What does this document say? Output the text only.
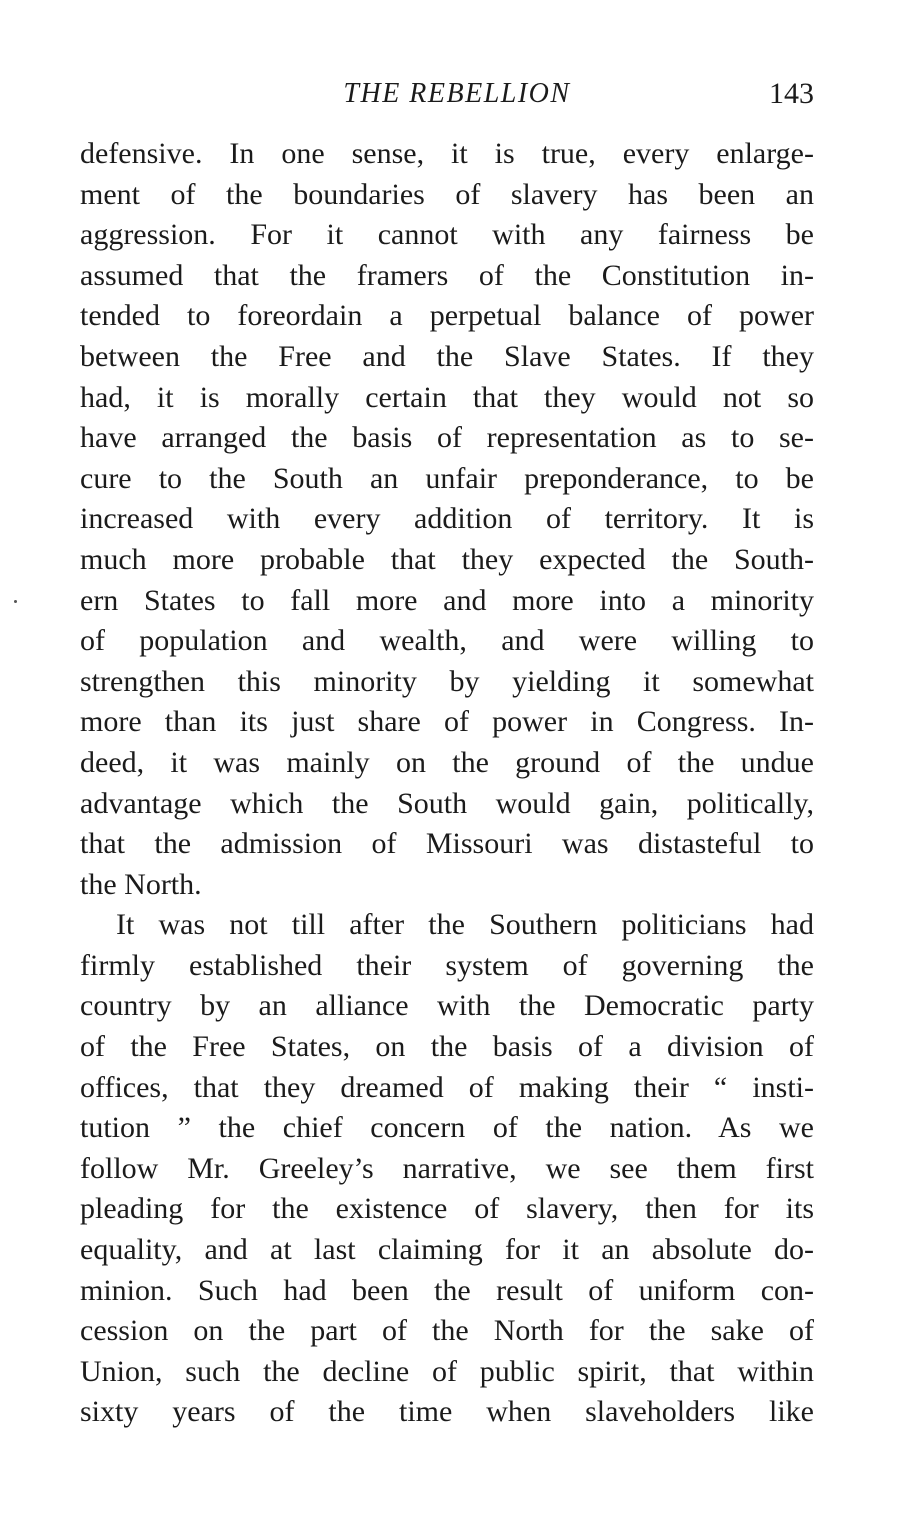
THE REBELLION	143
defensive. In one sense, it is true, every enlarge-
ment of the boundaries of slavery has been an
aggression. For it cannot with any fairness be
assumed that the framers of the Constitution in-
tended to foreordain a perpetual balance of power
between the Free and the Slave States. If they
had, it is morally certain that they would not so
have arranged the basis of representation as to se-
cure to the South an unfair preponderance, to be
increased with every addition of territory. It is
much more probable that they expected the South-
ern States to fall more and more into a minority
of population and wealth, and were willing to
strengthen this minority by yielding it somewhat
more than its just share of power in Congress. In-
deed, it was mainly on the ground of the undue
advantage which the South would gain, politically,
that the admission of Missouri was distasteful to
the North.
It was not till after the Southern politicians had
firmly established their system of governing the
country by an alliance with the Democratic party
of the Free States, on the basis of a division of
offices, that they dreamed of making their “ insti-
tution ” the chief concern of the nation. As we
follow Mr. Greeley’s narrative, we see them first
pleading for the existence of slavery, then for its
equality, and at last claiming for it an absolute do-
minion. Such had been the result of uniform con-
cession on the part of the North for the sake of
Union, such the decline of public spirit, that within
sixty years of the time when slaveholders like
